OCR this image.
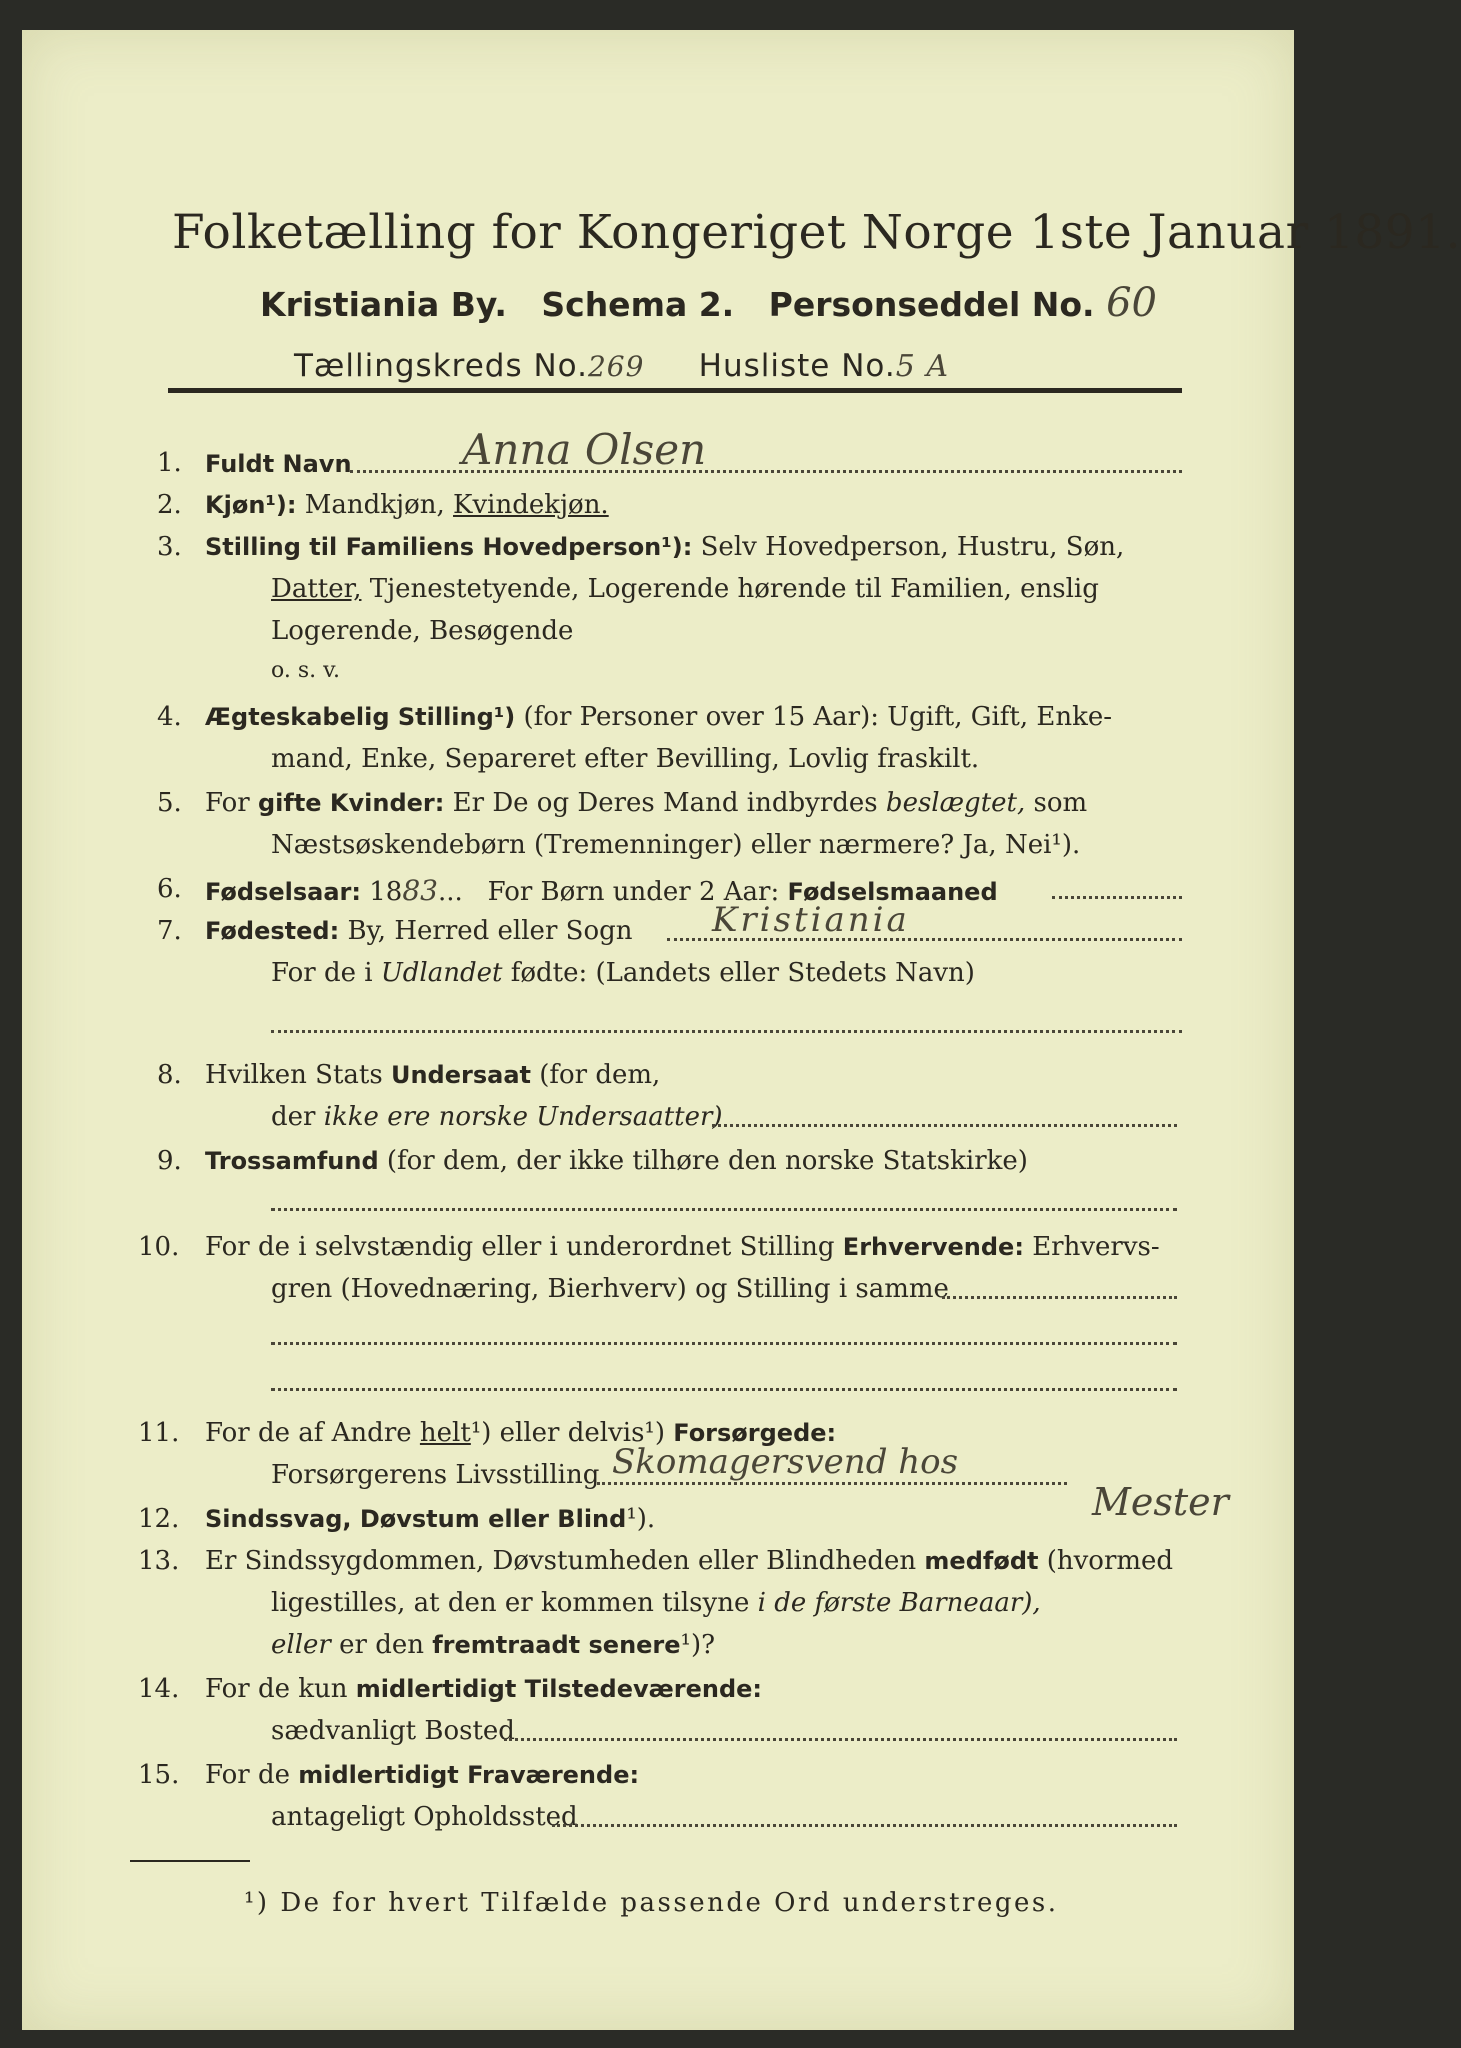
Folketælling for Kongeriget Norge 1ste Januar 1891.
Kristiania By. Schema 2. Personseddel No. 60
Tællingskreds No.269 Husliste No.5 A
1. Fuldt Navn	Anna Olsen
2. Kjøn¹): Mandkjøn, Kvindekjøn.
3. Stilling til Familiens Hovedperson¹): Selv Hovedperson, Hustru, Søn,
Datter, Tjenestetyende, Logerende hørende til Familien, enslig
Logerende, Besøgende
o. s. v.
4. Ægteskabelig Stilling¹) (for Personer over 15 Aar): Ugift, Gift, Enke-
mand, Enke, Separeret efter Bevilling, Lovlig fraskilt.
5. For gifte Kvinder: Er De og Deres Mand indbyrdes beslægtet, som
Næstsøskendebørn (Tremenninger) eller nærmere? Ja, Nei¹).
6. Fødselsaar: 1883...   For Børn under 2 Aar: Fødselsmaaned
7. Fødested: By, Herred eller Sogn Kristiania
For de i Udlandet fødte: (Landets eller Stedets Navn)
8. Hvilken Stats Undersaat (for dem,
der ikke ere norske Undersaatter)
9. Trossamfund (for dem, der ikke tilhøre den norske Statskirke)
10. For de i selvstændig eller i underordnet Stilling Erhvervende: Erhvervs-
gren (Hovednæring, Bierhverv) og Stilling i samme
11. For de af Andre helt¹) eller delvis¹) Forsørgede:
Forsørgerens Livsstilling Skomagersvend hos
Mester
12. Sindssvag, Døvstum eller Blind¹).
13. Er Sindssygdommen, Døvstumheden eller Blindheden medfødt (hvormed
ligestilles, at den er kommen tilsyne i de første Barneaar),
eller er den fremtraadt senere¹)?
14. For de kun midlertidigt Tilstedeværende:
sædvanligt Bosted
15. For de midlertidigt Fraværende:
antageligt Opholdssted
¹) De for hvert Tilfælde passende Ord understreges.
